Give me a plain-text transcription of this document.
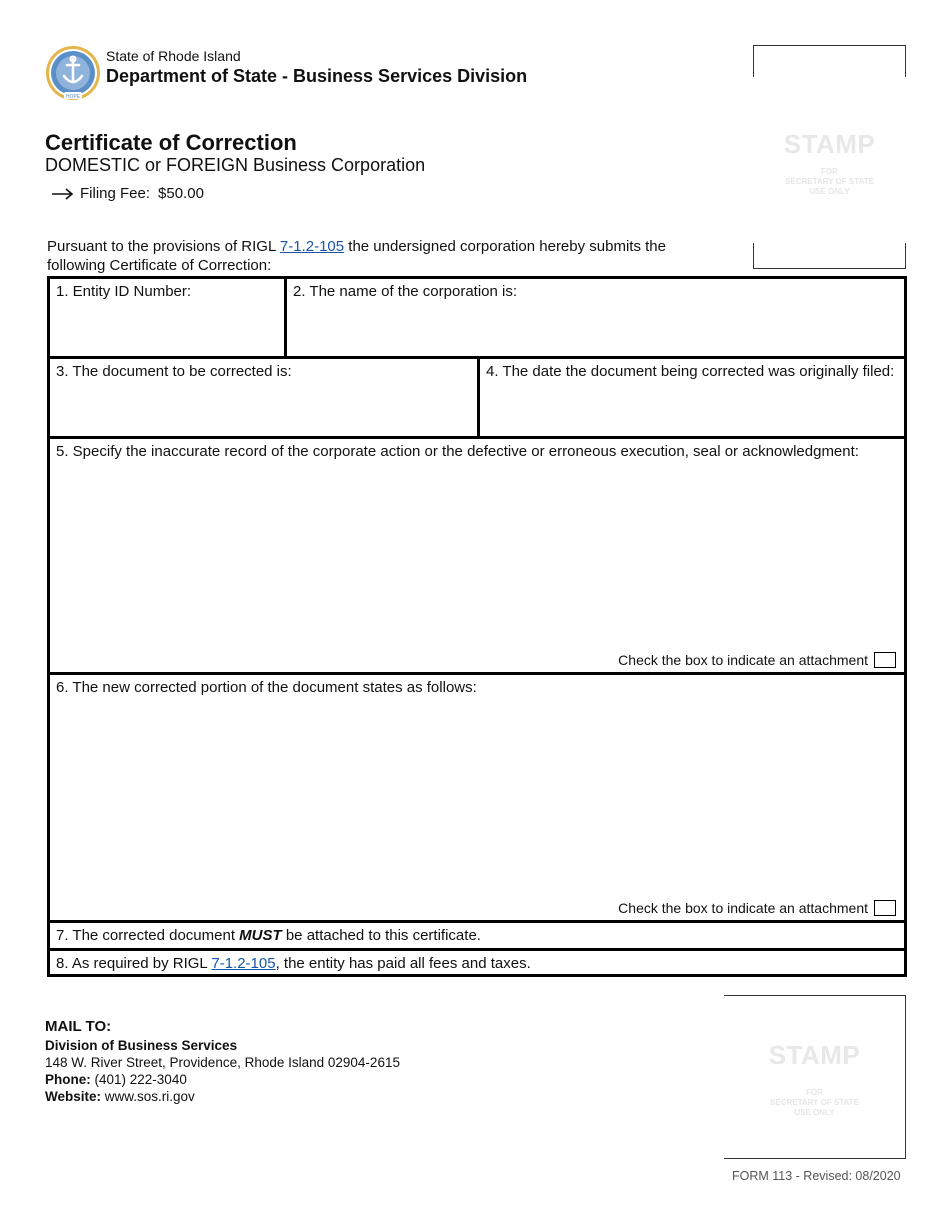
HOPE
State of Rhode Island
Department of State - Business Services Division
STAMP
FOR
SECRETARY OF STATE
USE ONLY
Certificate of Correction
DOMESTIC or FOREIGN Business Corporation
Filing Fee: $50.00
Pursuant to the provisions of RIGL 7-1.2-105 the undersigned corporation hereby submits the following Certificate of Correction:
1. Entity ID Number:	2. The name of the corporation is:
3. The document to be corrected is:	4. The date the document being corrected was originally filed:
5. Specify the inaccurate record of the corporate action or the defective or erroneous execution, seal or acknowledgment:
Check the box to indicate an attachment
6. The new corrected portion of the document states as follows:
Check the box to indicate an attachment
7. The corrected document MUST be attached to this certificate.
8. As required by RIGL 7-1.2-105, the entity has paid all fees and taxes.
MAIL TO:
Division of Business Services
148 W. River Street, Providence, Rhode Island 02904-2615
Phone: (401) 222-3040
Website: www.sos.ri.gov
STAMP
FOR
SECRETARY OF STATE
USE ONLY
FORM 113 - Revised: 08/2020
